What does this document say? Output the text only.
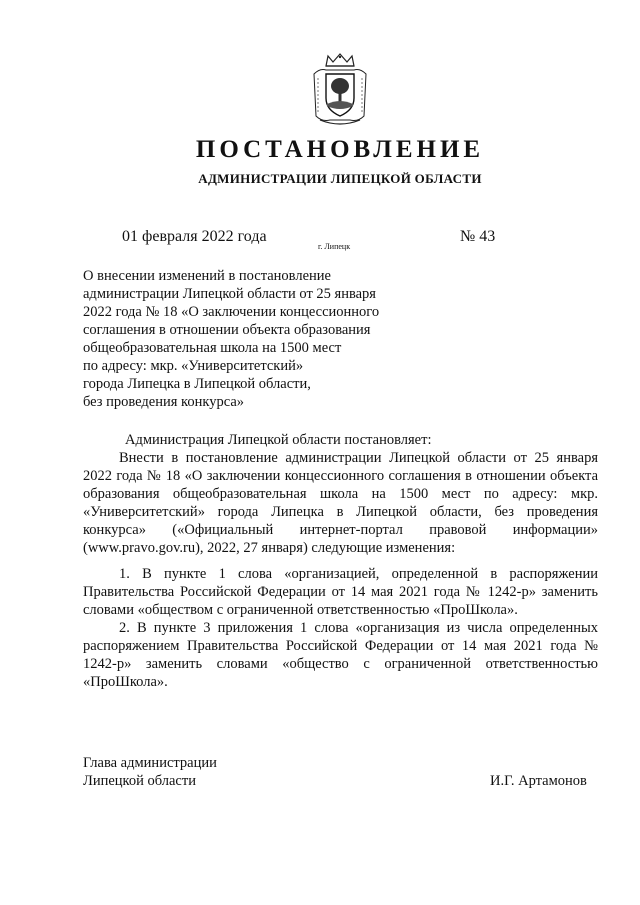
ПОСТАНОВЛЕНИЕ
АДМИНИСТРАЦИИ ЛИПЕЦКОЙ ОБЛАСТИ
01 февраля 2022 года
г. Липецк
№ 43
О внесении изменений в постановление
администрации Липецкой области от 25 января
2022 года № 18 «О заключении концессионного
соглашения в отношении объекта образования
общеобразовательная школа на 1500 мест
по адресу: мкр. «Университетский»
города Липецка в Липецкой области,
без проведения конкурса»

Администрация Липецкой области постановляет:

Внести в постановление администрации Липецкой области от 25 января 2022 года № 18 «О заключении концессионного соглашения в отношении объекта образования общеобразовательная школа на 1500 мест по адресу: мкр. «Университетский» города Липецка в Липецкой области, без проведения конкурса» («Официальный интернет-портал правовой информации» (www.pravo.gov.ru), 2022, 27 января) следующие изменения:

1. В пункте 1 слова «организацией, определенной в распоряжении Правительства Российской Федерации от 14 мая 2021 года № 1242-р» заменить словами «обществом с ограниченной ответственностью «ПроШкола».

2. В пункте 3 приложения 1 слова «организация из числа определенных распоряжением Правительства Российской Федерации от 14 мая 2021 года № 1242-р» заменить словами «общество с ограниченной ответственностью «ПроШкола».

Глава администрации
Липецкой области	И.Г. Артамонов
